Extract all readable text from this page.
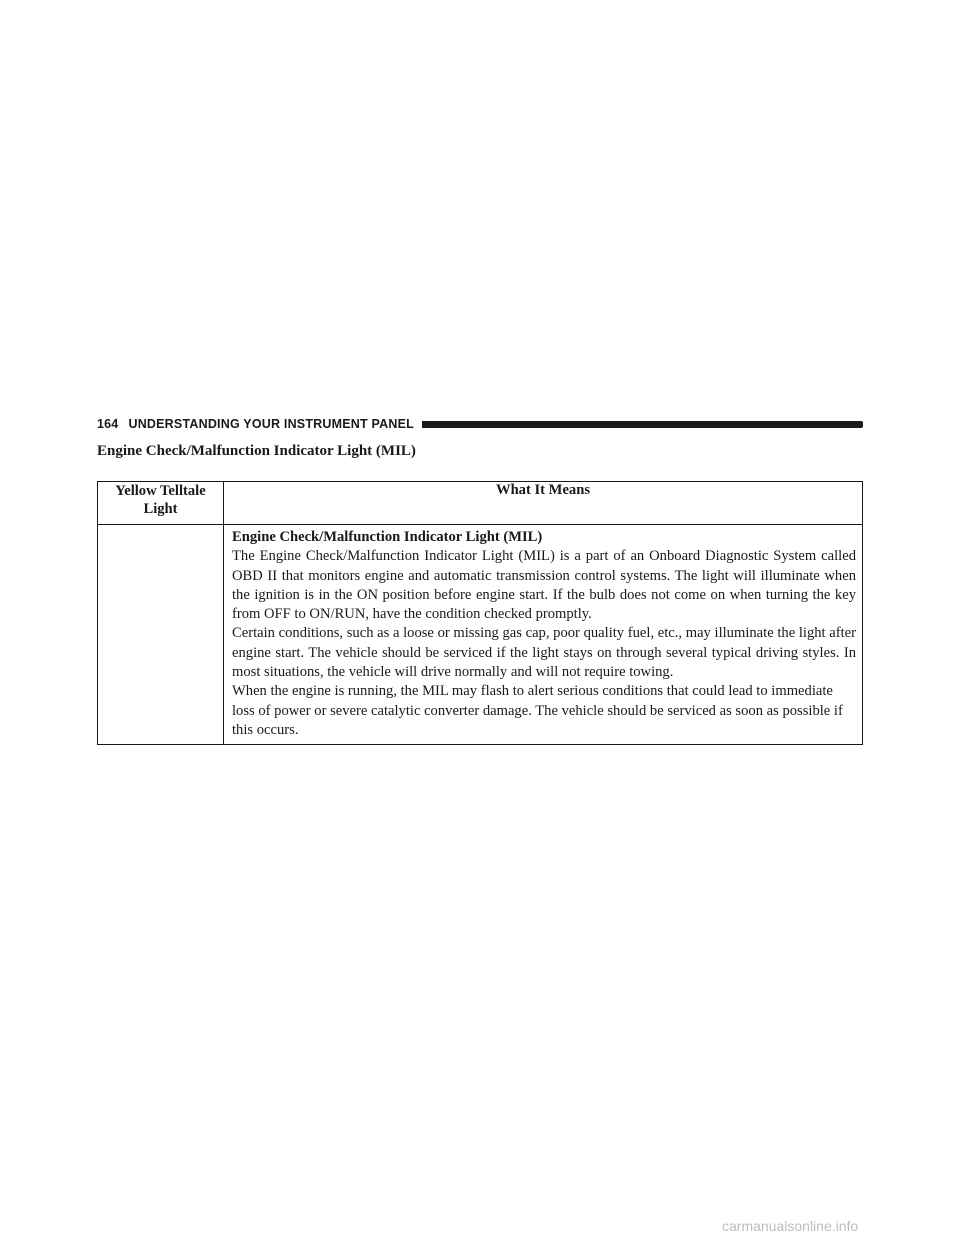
164 UNDERSTANDING YOUR INSTRUMENT PANEL
Engine Check/Malfunction Indicator Light (MIL)
Yellow Telltale
Light	What It Means

	Engine Check/Malfunction Indicator Light (MIL)
The Engine Check/Malfunction Indicator Light (MIL) is a part of an Onboard Diagnostic System called OBD II that monitors engine and automatic transmission control systems. The light will illuminate when the ignition is in the ON position before engine start. If the bulb does not come on when turning the key from OFF to ON/RUN, have the condition checked promptly.
Certain conditions, such as a loose or missing gas cap, poor quality fuel, etc., may illuminate the light after engine start. The vehicle should be serviced if the light stays on through several typical driving styles. In most situations, the vehicle will drive normally and will not require towing.
When the engine is running, the MIL may flash to alert serious conditions that could lead to immediate loss of power or severe catalytic converter damage. The vehicle should be serviced as soon as possible if this occurs.
carmanualsonline.info
